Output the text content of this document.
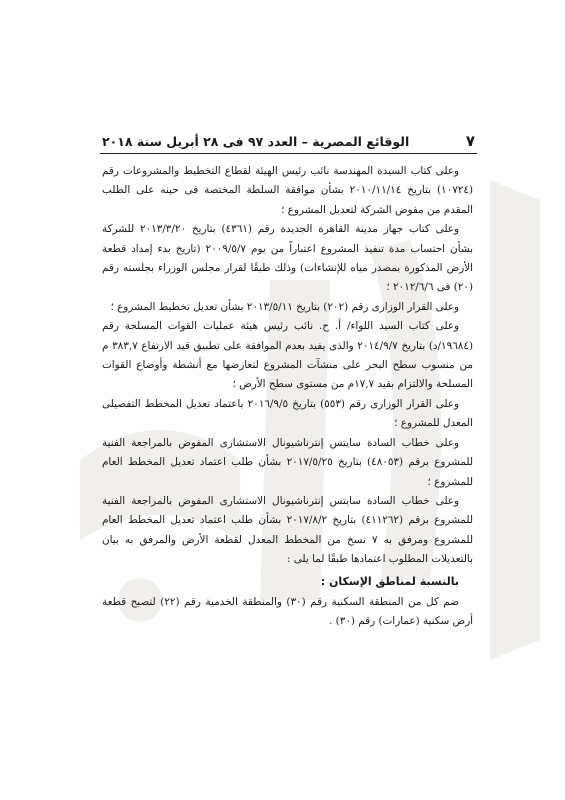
٧
الوقائع المصرية – العدد ٩٧ فى ٢٨ أبريل سنة ٢٠١٨

وعلى كتاب السيدة المهندسة نائب رئيس الهيئة لقطاع التخطيط والمشروعات رقم (١٠٧٢٤) بتاريخ ٢٠١٠/١١/١٤ بشأن موافقة السلطة المختصة فى حينه على الطلب المقدم من مفوض الشركة لتعديل المشروع ؛

وعلى كتاب جهاز مدينة القاهرة الجديدة رقم (٤٣٦١) بتاريخ ٢٠١٣/٣/٢٠ للشركة بشأن احتساب مدة تنفيذ المشروع اعتباراً من يوم ٢٠٠٩/٥/٧ (تاريخ بدء إمداد قطعة الأرض المذكورة بمصدر مياه للإنشاءات) وذلك طبقًا لقرار مجلس الوزراء بجلسته رقم (٢٠) فى ٢٠١٢/٦/٦ ؛

وعلى القرار الوزارى رقم (٢٠٢) بتاريخ ٢٠١٣/٥/١١ بشأن تعديل تخطيط المشروع ؛

وعلى كتاب السيد اللواء/ أ. ح. نائب رئيس هيئة عمليات القوات المسلحة رقم (١٩٦٨٤/د) بتاريخ ٢٠١٤/٩/٧ والذى يفيد بعدم الموافقة على تطبيق قيد الارتفاع ٣٨٣,٧ م من منسوب سطح البحر على منشآت المشروع لتعارضها مع أنشطة وأوضاع القوات المسلحة والالتزام بقيد ١٧,٧م من مستوى سطح الأرض ؛

وعلى القرار الوزارى رقم (٥٥٣) بتاريخ ٢٠١٦/٩/٥ باعتماد تعديل المخطط التفصيلى المعدل للمشروع ؛

وعلى خطاب السادة سايتس إنترناشيونال الاستشارى المفوض بالمراجعة الفنية للمشروع برقم (٤٨٠٥٣) بتاريخ ٢٠١٧/٥/٢٥ بشأن طلب اعتماد تعديل المخطط العام للمشروع ؛

وعلى خطاب السادة سايتس إنترناشيونال الاستشارى المفوض بالمراجعة الفنية للمشروع برقم (٤١١٢٦٢) بتاريخ ٢٠١٧/٨/٢ بشأن طلب اعتماد تعديل المخطط العام للمشروع ومرفق به ٧ نسخ من المخطط المعدل لقطعة الأرض والمرفق به بيان بالتعديلات المطلوب اعتمادها طبقًا لما يلى :

بالنسبة لمناطق الإسكان :

ضم كل من المنطقة السكنية رقم (٣٠) والمنطقة الخدمية رقم (٢٢) لتصبح قطعة أرض سكنية (عمارات) رقم (٣٠) .
